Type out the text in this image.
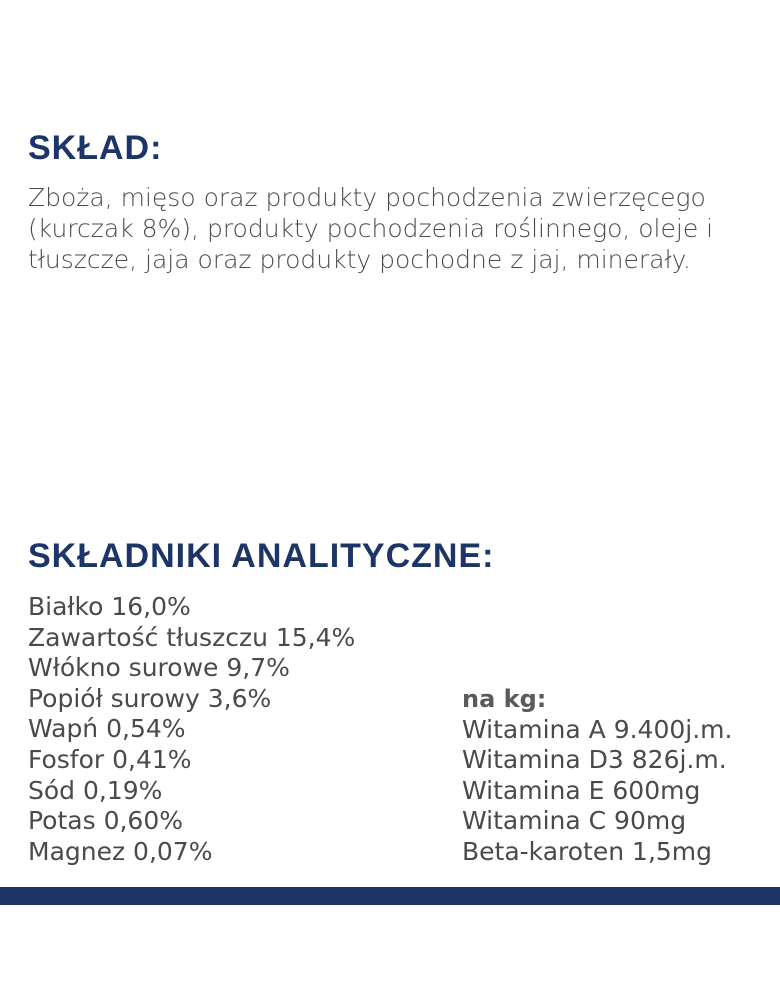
SKŁAD:

Zboża, mięso oraz produkty pochodzenia zwierzęcego (kurczak 8%), produkty pochodzenia roślinnego, oleje i tłuszcze, jaja oraz produkty pochodne z jaj, minerały.

SKŁADNIKI ANALITYCZNE:
Białko 16,0%
Zawartość tłuszczu 15,4%
Włókno surowe 9,7%
Popiół surowy 3,6%
Wapń 0,54%
Fosfor 0,41%
Sód 0,19%
Potas 0,60%
Magnez 0,07%
na kg:
Witamina A 9.400j.m.
Witamina D3 826j.m.
Witamina E 600mg
Witamina C 90mg
Beta-karoten 1,5mg
